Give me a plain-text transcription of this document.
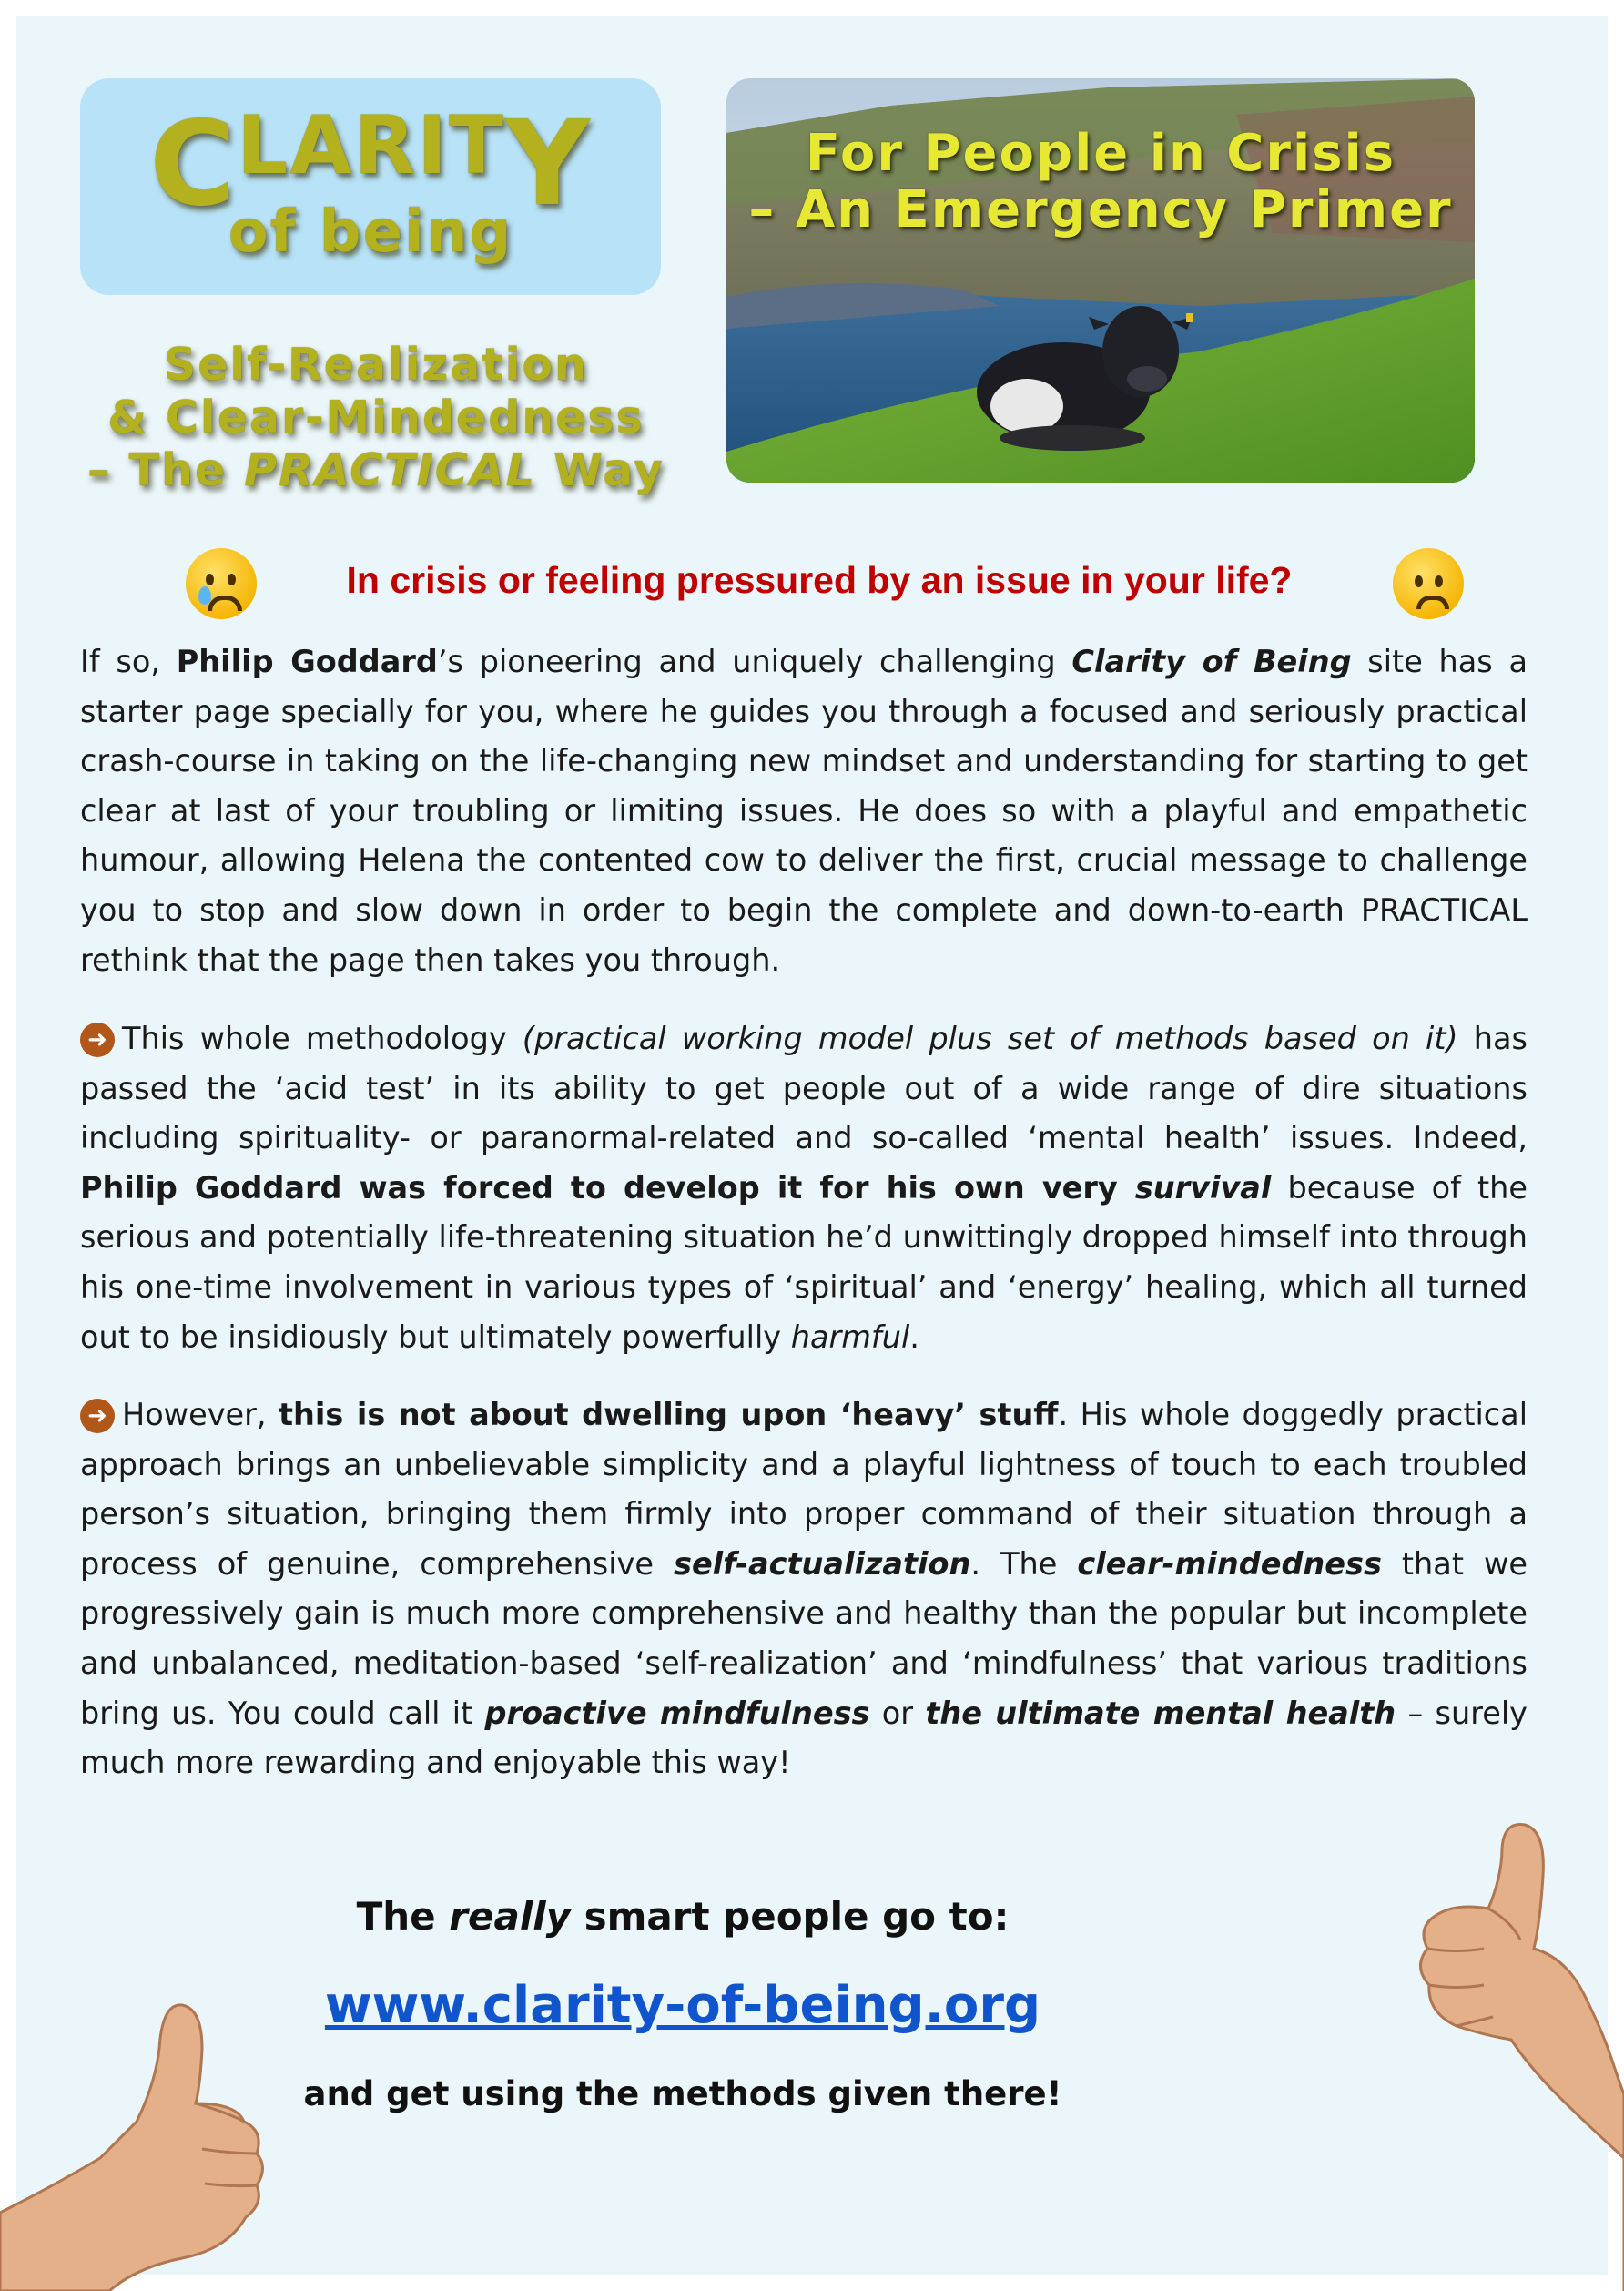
CLARITY
of being
Self-Realization
& Clear-Mindedness
– The PRACTICAL Way
For People in Crisis
– An Emergency Primer
In crisis or feeling pressured by an issue in your life?
If so, Philip Goddard’s pioneering and uniquely challenging Clarity of Being site has a starter page specially for you, where he guides you through a focused and seriously practical crash-course in taking on the life-changing new mindset and understanding for starting to get clear at last of your troubling or limiting issues. He does so with a playful and empathetic humour, allowing Helena the contented cow to deliver the first, crucial message to challenge you to stop and slow down in order to begin the complete and down-to-earth PRACTICAL rethink that the page then takes you through.
➜ This whole methodology (practical working model plus set of methods based on it) has passed the ‘acid test’ in its ability to get people out of a wide range of dire situations including spirituality- or paranormal-related and so-called ‘mental health’ issues. Indeed, Philip Goddard was forced to develop it for his own very survival because of the serious and potentially life-threatening situation he’d unwittingly dropped himself into through his one-time involvement in various types of ‘spiritual’ and ‘energy’ healing, which all turned out to be insidiously but ultimately powerfully harmful.
➜ However, this is not about dwelling upon ‘heavy’ stuff. His whole doggedly practical approach brings an unbelievable simplicity and a playful lightness of touch to each troubled person’s situation, bringing them firmly into proper command of their situation through a process of genuine, comprehensive self-actualization. The clear-mindedness that we progressively gain is much more comprehensive and healthy than the popular but incomplete and unbalanced, meditation-based ‘self-realization’ and ‘mindfulness’ that various traditions bring us. You could call it proactive mindfulness or the ultimate mental health – surely much more rewarding and enjoyable this way!
The really smart people go to:
www.clarity-of-being.org
and get using the methods given there!
